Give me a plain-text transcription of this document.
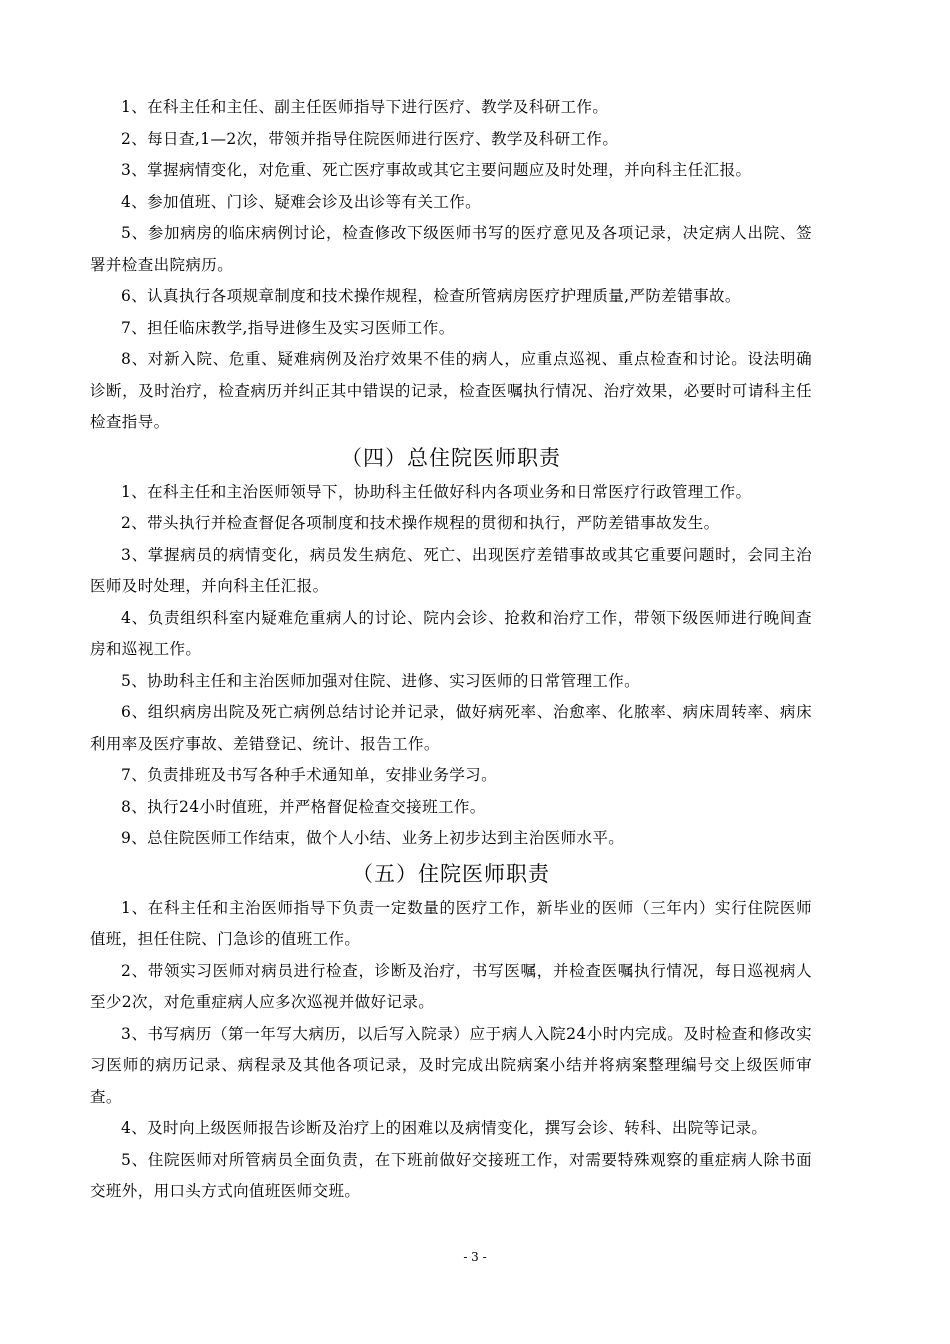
1、在科主任和主任、副主任医师指导下进行医疗、教学及科研工作。

2、每日查,1—2次，带领并指导住院医师进行医疗、教学及科研工作。

3、掌握病情变化，对危重、死亡医疗事故或其它主要问题应及时处理，并向科主任汇报。

4、参加值班、门诊、疑难会诊及出诊等有关工作。

5、参加病房的临床病例讨论，检查修改下级医师书写的医疗意见及各项记录，决定病人出院、签署并检查出院病历。

6、认真执行各项规章制度和技术操作规程，检查所管病房医疗护理质量,严防差错事故。

7、担任临床教学,指导进修生及实习医师工作。

8、对新入院、危重、疑难病例及治疗效果不佳的病人，应重点巡视、重点检查和讨论。设法明确诊断，及时治疗，检查病历并纠正其中错误的记录，检查医嘱执行情况、治疗效果，必要时可请科主任检查指导。

（四）总住院医师职责

1、在科主任和主治医师领导下，协助科主任做好科内各项业务和日常医疗行政管理工作。

2、带头执行并检查督促各项制度和技术操作规程的贯彻和执行，严防差错事故发生。

3、掌握病员的病情变化，病员发生病危、死亡、出现医疗差错事故或其它重要问题时，会同主治医师及时处理，并向科主任汇报。

4、负责组织科室内疑难危重病人的讨论、院内会诊、抢救和治疗工作，带领下级医师进行晚间查房和巡视工作。

5、协助科主任和主治医师加强对住院、进修、实习医师的日常管理工作。

6、组织病房出院及死亡病例总结讨论并记录，做好病死率、治愈率、化脓率、病床周转率、病床利用率及医疗事故、差错登记、统计、报告工作。

7、负责排班及书写各种手术通知单，安排业务学习。

8、执行24小时值班，并严格督促检查交接班工作。

9、总住院医师工作结束，做个人小结、业务上初步达到主治医师水平。

（五）住院医师职责

1、在科主任和主治医师指导下负责一定数量的医疗工作，新毕业的医师（三年内）实行住院医师值班，担任住院、门急诊的值班工作。

2、带领实习医师对病员进行检查，诊断及治疗，书写医嘱，并检查医嘱执行情况，每日巡视病人至少2次，对危重症病人应多次巡视并做好记录。

3、书写病历（第一年写大病历，以后写入院录）应于病人入院24小时内完成。及时检查和修改实习医师的病历记录、病程录及其他各项记录，及时完成出院病案小结并将病案整理编号交上级医师审查。

4、及时向上级医师报告诊断及治疗上的困难以及病情变化，撰写会诊、转科、出院等记录。

5、住院医师对所管病员全面负责，在下班前做好交接班工作，对需要特殊观察的重症病人除书面交班外，用口头方式向值班医师交班。

- 3 -
